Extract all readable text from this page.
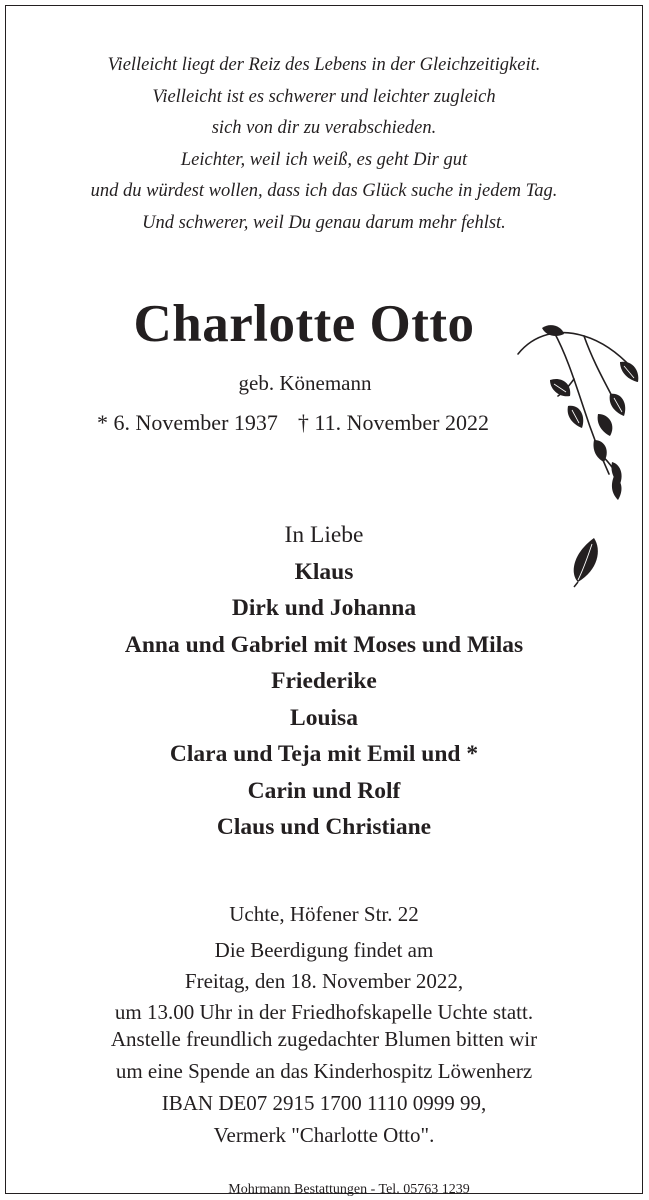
Vielleicht liegt der Reiz des Lebens in der Gleichzeitigkeit.
Vielleicht ist es schwerer und leichter zugleich
sich von dir zu verabschieden.
Leichter, weil ich weiß, es geht Dir gut
und du würdest wollen, dass ich das Glück suche in jedem Tag.
Und schwerer, weil Du genau darum mehr fehlst.
Charlotte Otto
geb. Könemann
* 6. November 1937 † 11. November 2022
In Liebe
Klaus
Dirk und Johanna
Anna und Gabriel mit Moses und Milas
Friederike
Louisa
Clara und Teja mit Emil und *
Carin und Rolf
Claus und Christiane
Uchte, Höfener Str. 22
Die Beerdigung findet am
Freitag, den 18. November 2022,
um 13.00 Uhr in der Friedhofskapelle Uchte statt.
Anstelle freundlich zugedachter Blumen bitten wir
um eine Spende an das Kinderhospitz Löwenherz
IBAN DE07 2915 1700 1110 0999 99,
Vermerk "Charlotte Otto".
Mohrmann Bestattungen - Tel. 05763 1239
